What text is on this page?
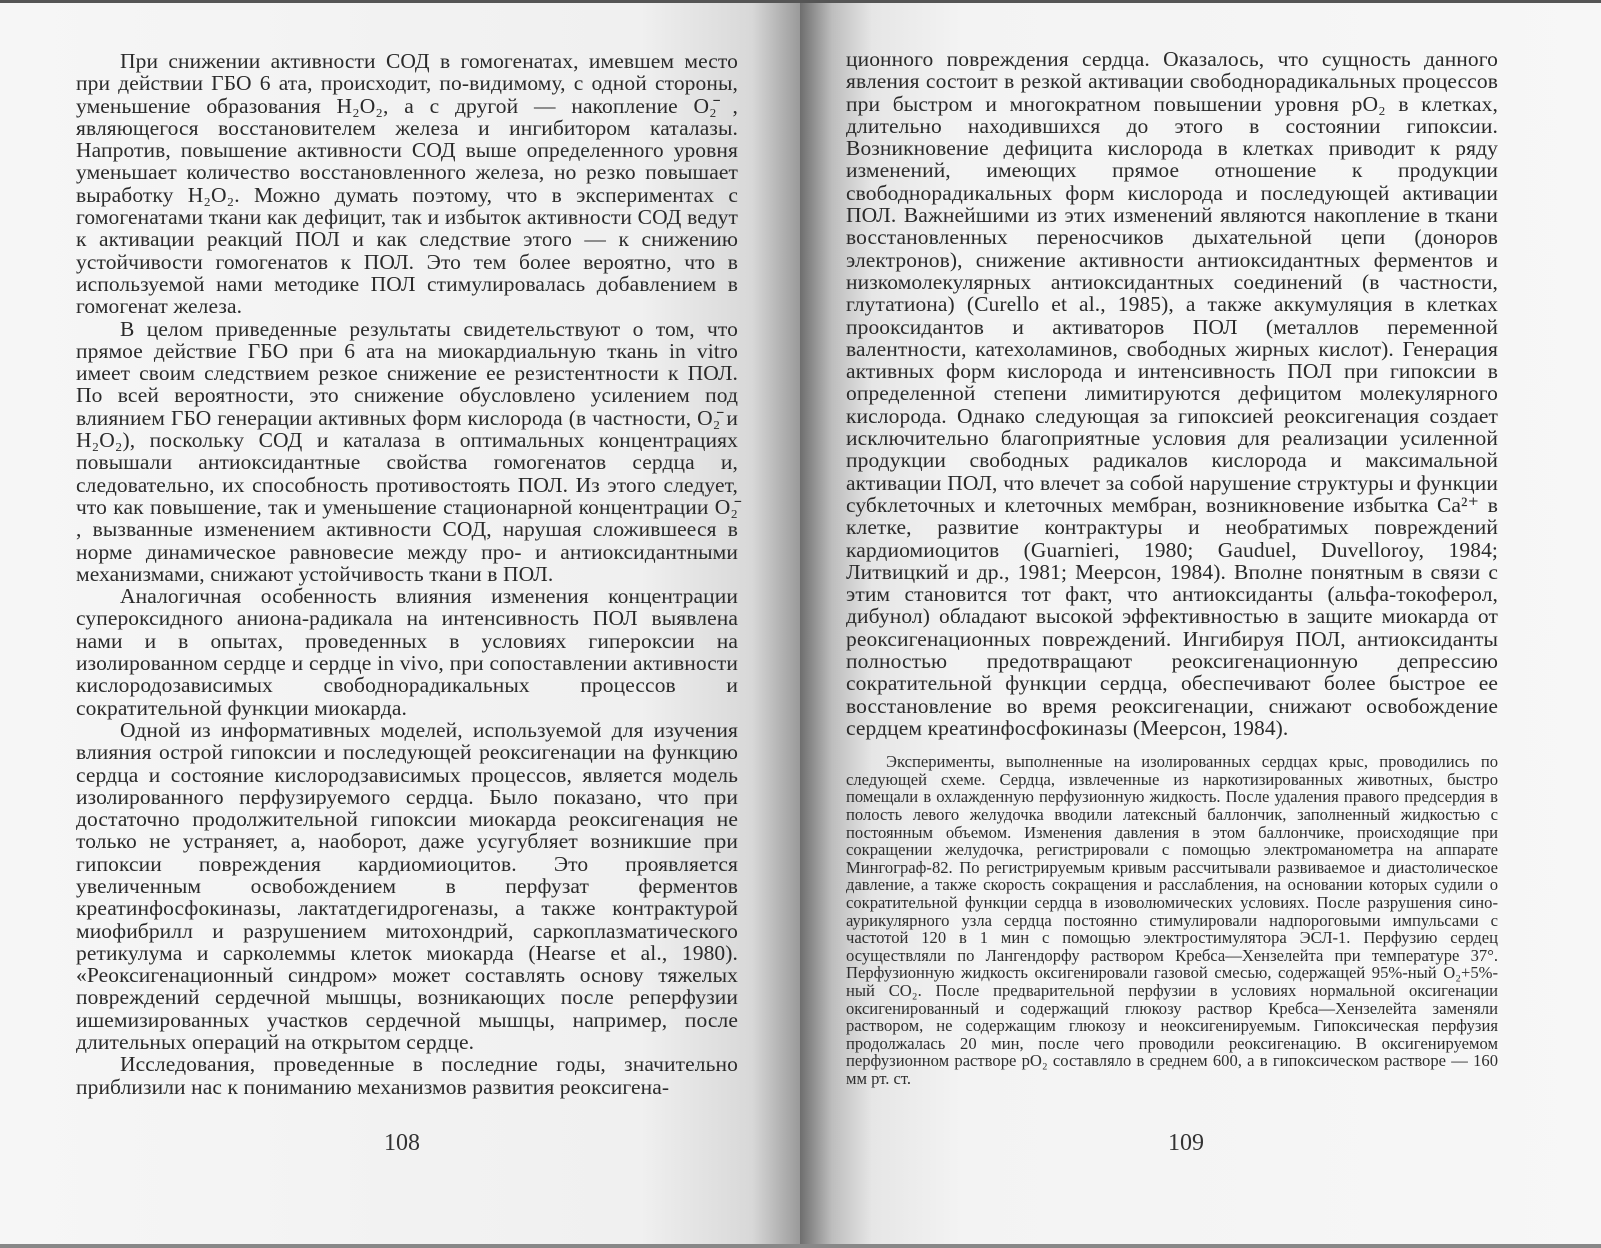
При снижении активности СОД в гомогенатах, имевшем место при действии ГБО 6 ата, происходит, по-видимому, с одной стороны, уменьшение образования H₂O₂, а с другой — накопление O₂̄ , являющегося восстановителем железа и ингибитором каталазы. Напротив, повышение активности СОД выше определенного уровня уменьшает количество восстановленного железа, но резко повышает выработку H₂O₂. Можно думать поэтому, что в экспериментах с гомогенатами ткани как дефицит, так и избыток активности СОД ведут к активации реакций ПОЛ и как следствие этого — к снижению устойчивости гомогенатов к ПОЛ. Это тем более вероятно, что в используемой нами методике ПОЛ стимулировалась добавлением в гомогенат железа.

В целом приведенные результаты свидетельствуют о том, что прямое действие ГБО при 6 ата на миокардиальную ткань in vitro имеет своим следствием резкое снижение ее резистентности к ПОЛ. По всей вероятности, это снижение обусловлено усилением под влиянием ГБО генерации активных форм кислорода (в частности, O₂̄ и H₂O₂), поскольку СОД и каталаза в оптимальных концентрациях повышали антиоксидантные свойства гомогенатов сердца и, следовательно, их способность противостоять ПОЛ. Из этого следует, что как повышение, так и уменьшение стационарной концентрации O₂̄ , вызванные изменением активности СОД, нарушая сложившееся в норме динамическое равновесие между про- и антиоксидантными механизмами, снижают устойчивость ткани в ПОЛ.

Аналогичная особенность влияния изменения концентрации супероксидного аниона-радикала на интенсивность ПОЛ выявлена нами и в опытах, проведенных в условиях гипероксии на изолированном сердце и сердце in vivo, при сопоставлении активности кислородозависимых свободнорадикальных процессов и сократительной функции миокарда.

Одной из информативных моделей, используемой для изучения влияния острой гипоксии и последующей реоксигенации на функцию сердца и состояние кислородзависимых процессов, является модель изолированного перфузируемого сердца. Было показано, что при достаточно продолжительной гипоксии миокарда реоксигенация не только не устраняет, а, наоборот, даже усугубляет возникшие при гипоксии повреждения кардиомиоцитов. Это проявляется увеличенным освобождением в перфузат ферментов креатинфосфокиназы, лактатдегидрогеназы, а также контрактурой миофибрилл и разрушением митохондрий, саркоплазматического ретикулума и сарколеммы клеток миокарда (Hearse et al., 1980). «Реоксигенационный синдром» может составлять основу тяжелых повреждений сердечной мышцы, возникающих после реперфузии ишемизированных участков сердечной мышцы, например, после длительных операций на открытом сердце.

Исследования, проведенные в последние годы, значительно приблизили нас к пониманию механизмов развития реоксигена-

108

ционного повреждения сердца. Оказалось, что сущность данного явления состоит в резкой активации свободнорадикальных процессов при быстром и многократном повышении уровня pO₂ в клетках, длительно находившихся до этого в состоянии гипоксии. Возникновение дефицита кислорода в клетках приводит к ряду изменений, имеющих прямое отношение к продукции свободнорадикальных форм кислорода и последующей активации ПОЛ. Важнейшими из этих изменений являются накопление в ткани восстановленных переносчиков дыхательной цепи (доноров электронов), снижение активности антиоксидантных ферментов и низкомолекулярных антиоксидантных соединений (в частности, глутатиона) (Curello et al., 1985), а также аккумуляция в клетках прооксидантов и активаторов ПОЛ (металлов переменной валентности, катехоламинов, свободных жирных кислот). Генерация активных форм кислорода и интенсивность ПОЛ при гипоксии в определенной степени лимитируются дефицитом молекулярного кислорода. Однако следующая за гипоксией реоксигенация создает исключительно благоприятные условия для реализации усиленной продукции свободных радикалов кислорода и максимальной активации ПОЛ, что влечет за собой нарушение структуры и функции субклеточных и клеточных мембран, возникновение избытка Ca²⁺ в клетке, развитие контрактуры и необратимых повреждений кардиомиоцитов (Guarnieri, 1980; Gauduel, Duvelloroy, 1984; Литвицкий и др., 1981; Меерсон, 1984). Вполне понятным в связи с этим становится тот факт, что антиоксиданты (альфа-токоферол, дибунол) обладают высокой эффективностью в защите миокарда от реоксигенационных повреждений. Ингибируя ПОЛ, антиоксиданты полностью предотвращают реоксигенационную депрессию сократительной функции сердца, обеспечивают более быстрое ее восстановление во время реоксигенации, снижают освобождение сердцем креатинфосфокиназы (Меерсон, 1984).

Эксперименты, выполненные на изолированных сердцах крыс, проводились по следующей схеме. Сердца, извлеченные из наркотизированных животных, быстро помещали в охлажденную перфузионную жидкость. После удаления правого предсердия в полость левого желудочка вводили латексный баллончик, заполненный жидкостью с постоянным объемом. Изменения давления в этом баллончике, происходящие при сокращении желудочка, регистрировали с помощью электроманометра на аппарате Мингограф-82. По регистрируемым кривым рассчитывали развиваемое и диастолическое давление, а также скорость сокращения и расслабления, на основании которых судили о сократительной функции сердца в изоволюмических условиях. После разрушения сино-аурикулярного узла сердца постоянно стимулировали надпороговыми импульсами с частотой 120 в 1 мин с помощью электростимулятора ЭСЛ-1. Перфузию сердец осуществляли по Лангендорфу раствором Кребса—Хензелейта при температуре 37°. Перфузионную жидкость оксигенировали газовой смесью, содержащей 95%-ный O₂+5%-ный CO₂. После предварительной перфузии в условиях нормальной оксигенации оксигенированный и содержащий глюкозу раствор Кребса—Хензелейта заменяли раствором, не содержащим глюкозу и неоксигенируемым. Гипоксическая перфузия продолжалась 20 мин, после чего проводили реоксигенацию. В оксигенируемом перфузионном растворе pO₂ составляло в среднем 600, а в гипоксическом растворе — 160 мм рт. ст.

109
